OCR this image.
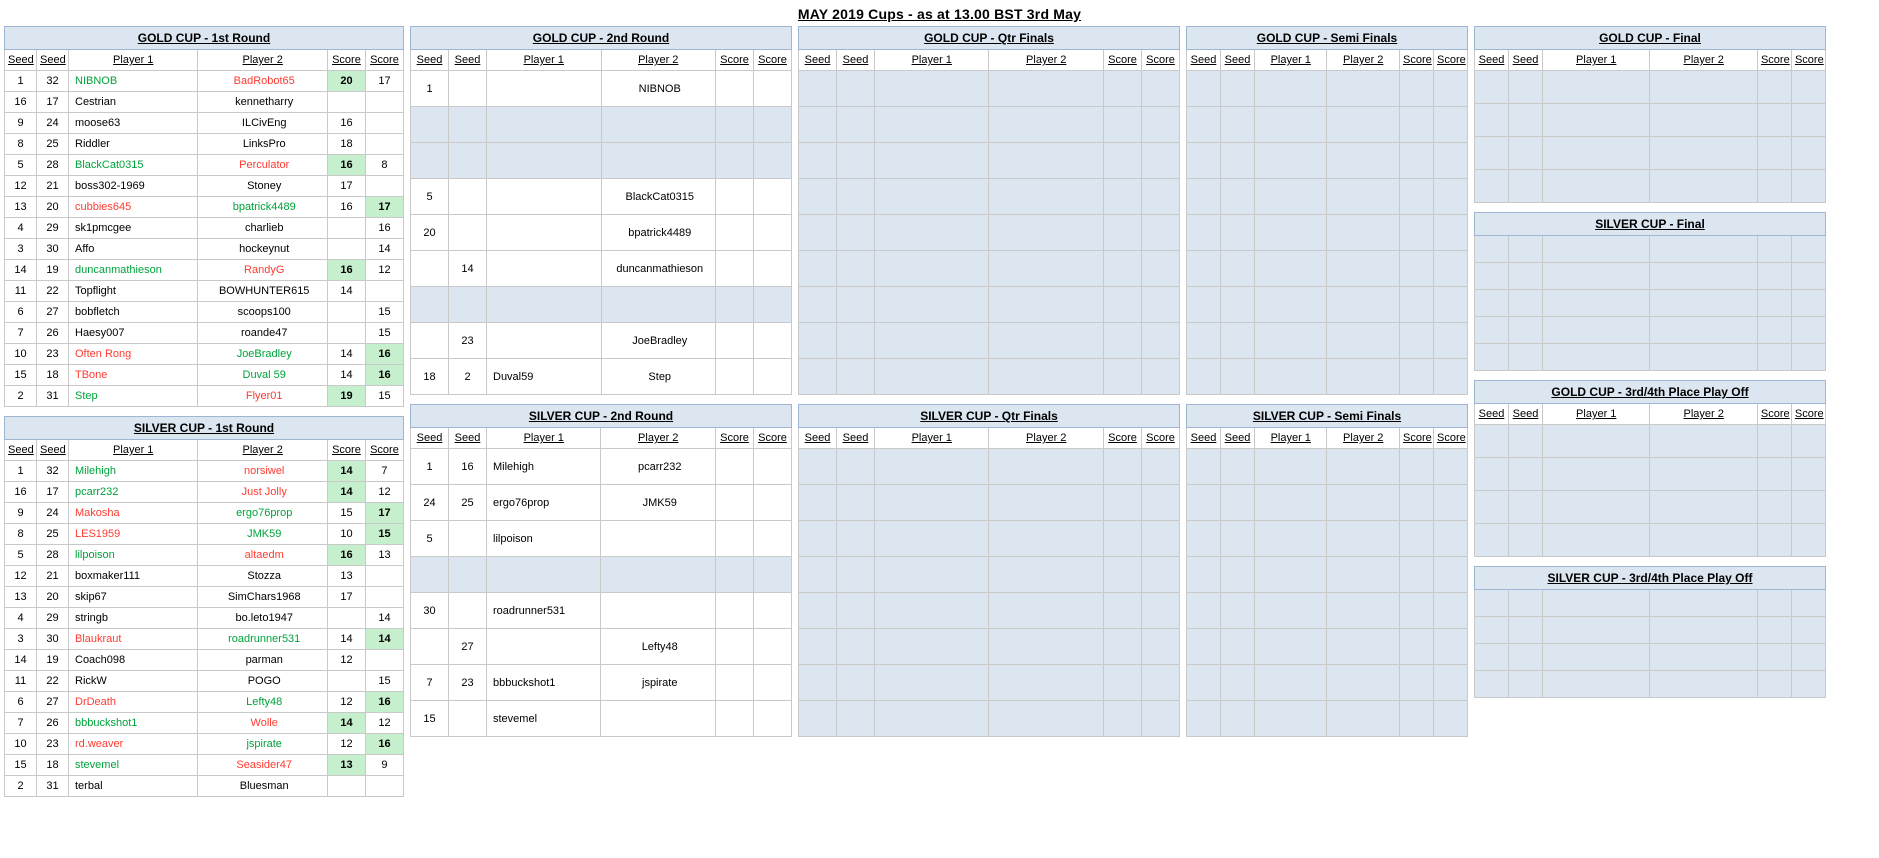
MAY 2019 Cups - as at 13.00 BST 3rd May
GOLD CUP - 1st Round					
Seed	Seed	Player 1	Player 2	Score	Score
1	32	NIBNOB	BadRobot65	20	17
16	17	Cestrian	kennetharry		
9	24	moose63	ILCivEng	16	
8	25	Riddler	LinksPro	18	
5	28	BlackCat0315	Perculator	16	8
12	21	boss302-1969	Stoney	17	
13	20	cubbies645	bpatrick4489	16	17
4	29	sk1pmcgee	charlieb		16
3	30	Affo	hockeynut		14
14	19	duncanmathieson	RandyG	16	12
11	22	Topflight	BOWHUNTER615	14	
6	27	bobfletch	scoops100		15
7	26	Haesy007	roande47		15
10	23	Often Rong	JoeBradley	14	16
15	18	TBone	Duval 59	14	16
2	31	Step	Flyer01	19	15
SILVER CUP - 1st Round					
Seed	Seed	Player 1	Player 2	Score	Score
1	32	Milehigh	norsiwel	14	7
16	17	pcarr232	Just Jolly	14	12
9	24	Makosha	ergo76prop	15	17
8	25	LES1959	JMK59	10	15
5	28	lilpoison	altaedm	16	13
12	21	boxmaker111	Stozza	13	
13	20	skip67	SimChars1968	17	
4	29	stringb	bo.leto1947		14
3	30	Blaukraut	roadrunner531	14	14
14	19	Coach098	parman	12	
11	22	RickW	POGO		15
6	27	DrDeath	Lefty48	12	16
7	26	bbbuckshot1	Wolle	14	12
10	23	rd.weaver	jspirate	12	16
15	18	stevemel	Seasider47	13	9
2	31	terbal	Bluesman		
GOLD CUP - 2nd Round					
Seed	Seed	Player 1	Player 2	Score	Score
1			NIBNOB		

5			BlackCat0315		
20			bpatrick4489		
	14		duncanmathieson		

	23		JoeBradley		
18	2	Duval59	Step		
SILVER CUP - 2nd Round					
Seed	Seed	Player 1	Player 2	Score	Score
1	16	Milehigh	pcarr232		
24	25	ergo76prop	JMK59		
5		lilpoison			

30		roadrunner531			
	27		Lefty48		
7	23	bbbuckshot1	jspirate		
15		stevemel			
GOLD CUP - Qtr Finals					
Seed	Seed	Player 1	Player 2	Score	Score

SILVER CUP - Qtr Finals					
Seed	Seed	Player 1	Player 2	Score	Score

GOLD CUP - Semi Finals					
Seed	Seed	Player 1	Player 2	Score	Score

SILVER CUP - Semi Finals					
Seed	Seed	Player 1	Player 2	Score	Score

GOLD CUP - Final					
Seed	Seed	Player 1	Player 2	Score	Score

SILVER CUP - Final					

GOLD CUP - 3rd/4th Place Play Off					
Seed	Seed	Player 1	Player 2	Score	Score

SILVER CUP - 3rd/4th Place Play Off					
